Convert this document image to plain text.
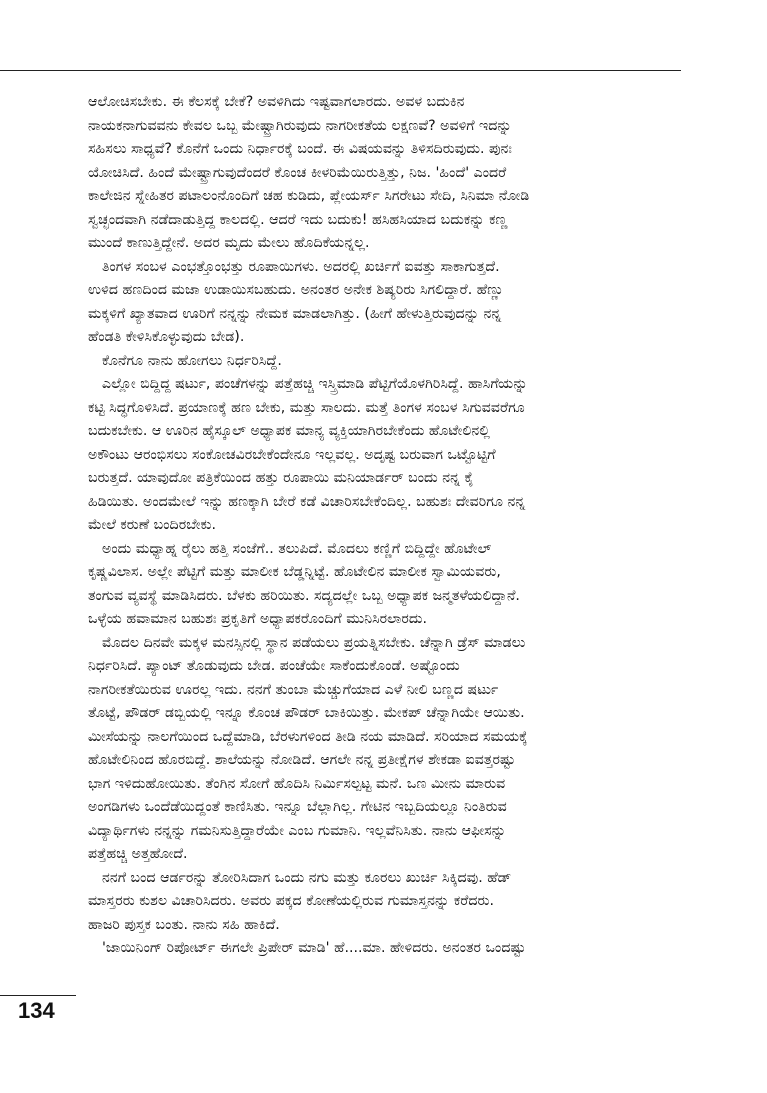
ಆಲೋಚಿಸಬೇಕು. ಈ ಕೆಲಸಕ್ಕೆ ಬೇಕೆ? ಅವಳಿಗಿದು ಇಷ್ಟವಾಗಲಾರದು. ಅವಳ ಬದುಕಿನ
ನಾಯಕನಾಗುವವನು ಕೇವಲ ಒಬ್ಬ ಮೇಷ್ಟ್ರಾಗಿರುವುದು ನಾಗರೀಕತೆಯ ಲಕ್ಷಣವೆ? ಅವಳಿಗೆ ಇದನ್ನು
ಸಹಿಸಲು ಸಾಧ್ಯವೆ? ಕೊನೆಗೆ ಒಂದು ನಿರ್ಧಾರಕ್ಕೆ ಬಂದೆ. ಈ ವಿಷಯವನ್ನು ತಿಳಿಸದಿರುವುದು. ಪುನಃ
ಯೋಚಿಸಿದೆ. ಹಿಂದೆ ಮೇಷ್ಟ್ರಾಗುವುದೆಂದರೆ ಕೊಂಚ ಕೀಳರಿಮೆಯಿರುತ್ತಿತ್ತು, ನಿಜ. 'ಹಿಂದೆ' ಎಂದರೆ
ಕಾಲೇಜಿನ ಸ್ನೇಹಿತರ ಪಟಾಲಂನೊಂದಿಗೆ ಚಹ ಕುಡಿದು, ಪ್ಲೇಯರ್ಸ್ ಸಿಗರೇಟು ಸೇದಿ, ಸಿನಿಮಾ ನೋಡಿ
ಸ್ವಚ್ಛಂದವಾಗಿ ನಡೆದಾಡುತ್ತಿದ್ದ ಕಾಲದಲ್ಲಿ. ಆದರೆ ಇದು ಬದುಕು! ಹಸಿಹಸಿಯಾದ ಬದುಕನ್ನು ಕಣ್ಣ
ಮುಂದೆ ಕಾಣುತ್ತಿದ್ದೇನೆ. ಅದರ ಮೃದು ಮೇಲು ಹೊದಿಕೆಯನ್ನಲ್ಲ.
ತಿಂಗಳ ಸಂಬಳ ಎಂಭತ್ತೊಂಭತ್ತು ರೂಪಾಯಿಗಳು. ಅದರಲ್ಲಿ ಖರ್ಚಿಗೆ ಐವತ್ತು ಸಾಕಾಗುತ್ತದೆ.
ಉಳಿದ ಹಣದಿಂದ ಮಜಾ ಉಡಾಯಿಸಬಹುದು. ಅನಂತರ ಅನೇಕ ಶಿಷ್ಯರಿರು ಸಿಗಲಿದ್ದಾರೆ. ಹೆಣ್ಣು
ಮಕ್ಕಳಿಗೆ ಖ್ಯಾತವಾದ ಊರಿಗೆ ನನ್ನನ್ನು ನೇಮಕ ಮಾಡಲಾಗಿತ್ತು. (ಹೀಗೆ ಹೇಳುತ್ತಿರುವುದನ್ನು ನನ್ನ
ಹೆಂಡತಿ ಕೇಳಿಸಿಕೊಳ್ಳುವುದು ಬೇಡ).
ಕೊನೆಗೂ ನಾನು ಹೋಗಲು ನಿರ್ಧರಿಸಿದ್ದೆ.
ಎಲ್ಲೋ ಬಿದ್ದಿದ್ದ ಷರ್ಟು, ಪಂಚೆಗಳನ್ನು ಪತ್ತೆಹಚ್ಚಿ ಇಸ್ತ್ರಿಮಾಡಿ ಪೆಟ್ಟಿಗೆಯೊಳಗಿರಿಸಿದ್ದೆ. ಹಾಸಿಗೆಯನ್ನು
ಕಟ್ಟಿ ಸಿದ್ಧಗೊಳಿಸಿದೆ. ಪ್ರಯಾಣಕ್ಕೆ ಹಣ ಬೇಕು, ಮತ್ತು ಸಾಲದು. ಮತ್ತೆ ತಿಂಗಳ ಸಂಬಳ ಸಿಗುವವರೆಗೂ
ಬದುಕಬೇಕು. ಆ ಊರಿನ ಹೈಸ್ಕೂಲ್ ಅಧ್ಯಾಪಕ ಮಾನ್ಯ ವ್ಯಕ್ತಿಯಾಗಿರಬೇಕೆಂದು ಹೊಟೇಲಿನಲ್ಲಿ
ಅಕೌಂಟು ಆರಂಭಿಸಲು ಸಂಕೋಚವಿರಬೇಕೆಂದೇನೂ ಇಲ್ಲವಲ್ಲ. ಅದೃಷ್ಟ ಬರುವಾಗ ಒಟ್ಟೊಟ್ಟಿಗೆ
ಬರುತ್ತದೆ. ಯಾವುದೋ ಪತ್ರಿಕೆಯಿಂದ ಹತ್ತು ರೂಪಾಯಿ ಮನಿಯಾರ್ಡರ್ ಬಂದು ನನ್ನ ಕೈ
ಹಿಡಿಯಿತು. ಅಂದಮೇಲೆ ಇನ್ನು ಹಣಕ್ಕಾಗಿ ಬೇರೆ ಕಡೆ ವಿಚಾರಿಸಬೇಕೆಂದಿಲ್ಲ. ಬಹುಶಃ ದೇವರಿಗೂ ನನ್ನ
ಮೇಲೆ ಕರುಣೆ ಬಂದಿರಬೇಕು.
ಅಂದು ಮಧ್ಯಾಹ್ನ ರೈಲು ಹತ್ತಿ ಸಂಜೆಗೆ.. ತಲುಪಿದೆ. ಮೊದಲು ಕಣ್ಣಿಗೆ ಬಿದ್ದಿದ್ದೇ ಹೊಟೇಲ್
ಕೃಷ್ಣವಿಲಾಸ. ಅಲ್ಲೇ ಪೆಟ್ಟಿಗೆ ಮತ್ತು ಮಾಲೀಕ ಬೆಡ್ಡನ್ನಿಟ್ಟೆ. ಹೊಟೇಲಿನ ಮಾಲೀಕ ಸ್ವಾಮಿಯವರು,
ತಂಗುವ ವ್ಯವಸ್ಥೆ ಮಾಡಿಸಿದರು. ಬೆಳಕು ಹರಿಯಿತು. ಸದ್ಯದಲ್ಲೇ ಒಬ್ಬ ಅಧ್ಯಾಪಕ ಜನ್ಮತಳೆಯಲಿದ್ದಾನೆ.
ಒಳ್ಳೆಯ ಹವಾಮಾನ ಬಹುಶಃ ಪ್ರಕೃತಿಗೆ ಅಧ್ಯಾಪಕರೊಂದಿಗೆ ಮುನಿಸಿರಲಾರದು.
ಮೊದಲ ದಿನವೇ ಮಕ್ಕಳ ಮನಸ್ಸಿನಲ್ಲಿ ಸ್ಥಾನ ಪಡೆಯಲು ಪ್ರಯತ್ನಿಸಬೇಕು. ಚೆನ್ನಾಗಿ ಡ್ರೆಸ್ ಮಾಡಲು
ನಿರ್ಧರಿಸಿದೆ. ಪ್ಯಾಂಟ್ ತೊಡುವುದು ಬೇಡ. ಪಂಚೆಯೇ ಸಾಕೆಂದುಕೊಂಡೆ. ಅಷ್ಟೊಂದು
ನಾಗರೀಕತೆಯಿರುವ ಊರಲ್ಲ ಇದು. ನನಗೆ ತುಂಬಾ ಮೆಚ್ಚುಗೆಯಾದ ಎಳೆ ನೀಲಿ ಬಣ್ಣದ ಷರ್ಟು
ತೊಟ್ಟೆ, ಪೌಡರ್ ಡಬ್ಬಿಯಲ್ಲಿ ಇನ್ನೂ ಕೊಂಚ ಪೌಡರ್ ಬಾಕಿಯಿತ್ತು. ಮೇಕಪ್ ಚೆನ್ನಾಗಿಯೇ ಆಯಿತು.
ಮೀಸೆಯನ್ನು ನಾಲಗೆಯಿಂದ ಒದ್ದೆಮಾಡಿ, ಬೆರಳುಗಳಿಂದ ತೀಡಿ ನಯ ಮಾಡಿದೆ. ಸರಿಯಾದ ಸಮಯಕ್ಕೆ
ಹೊಟೇಲಿನಿಂದ ಹೊರಬಿದ್ದೆ. ಶಾಲೆಯನ್ನು ನೋಡಿದೆ. ಆಗಲೇ ನನ್ನ ಪ್ರತೀಕ್ಷೆಗಳ ಶೇಕಡಾ ಐವತ್ತರಷ್ಟು
ಭಾಗ ಇಳಿದುಹೋಯಿತು. ತೆಂಗಿನ ಸೋಗೆ ಹೊದಿಸಿ ನಿರ್ಮಿಸಲ್ಪಟ್ಟ ಮನೆ. ಒಣ ಮೀನು ಮಾರುವ
ಅಂಗಡಿಗಳು ಒಂದೆಡೆಯಿದ್ದಂತೆ ಕಾಣಿಸಿತು. ಇನ್ನೂ ಬೆಲ್ಲಾಗಿಲ್ಲ. ಗೇಟಿನ ಇಬ್ಬದಿಯಲ್ಲೂ ನಿಂತಿರುವ
ವಿದ್ಯಾರ್ಥಿಗಳು ನನ್ನನ್ನು ಗಮನಿಸುತ್ತಿದ್ದಾರೆಯೇ ಎಂಬ ಗುಮಾನಿ. ಇಲ್ಲವೆನಿಸಿತು. ನಾನು ಆಫೀಸನ್ನು
ಪತ್ತೆಹಚ್ಚಿ ಅತ್ತಹೋದೆ.
ನನಗೆ ಬಂದ ಆರ್ಡರನ್ನು ತೋರಿಸಿದಾಗ ಒಂದು ನಗು ಮತ್ತು ಕೂರಲು ಖುರ್ಚಿ ಸಿಕ್ಕಿದವು. ಹೆಡ್
ಮಾಸ್ತರರು ಕುಶಲ ವಿಚಾರಿಸಿದರು. ಅವರು ಪಕ್ಕದ ಕೋಣೆಯಲ್ಲಿರುವ ಗುಮಾಸ್ತನನ್ನು ಕರೆದರು.
ಹಾಜರಿ ಪುಸ್ತಕ ಬಂತು. ನಾನು ಸಹಿ ಹಾಕಿದೆ.
'ಜಾಯಿನಿಂಗ್ ರಿಪೋರ್ಟ್ ಈಗಲೇ ಪ್ರಿಪೇರ್ ಮಾಡಿ' ಹೆ....ಮಾ. ಹೇಳಿದರು. ಅನಂತರ ಒಂದಷ್ಟು
134
